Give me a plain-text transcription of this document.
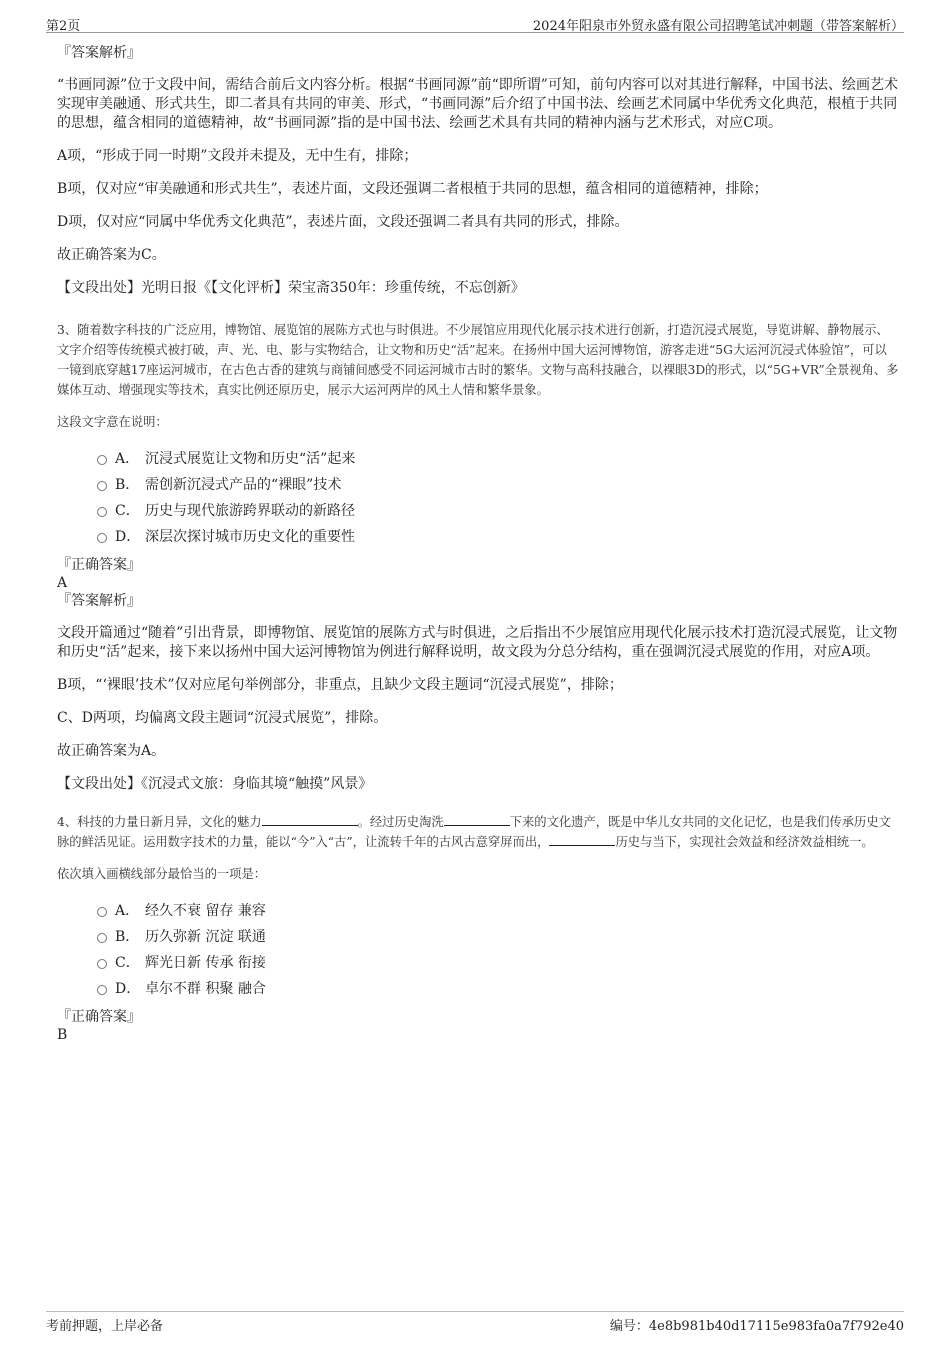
第2页	2024年阳泉市外贸永盛有限公司招聘笔试冲刺题（带答案解析）

『答案解析』

“书画同源”位于文段中间，需结合前后文内容分析。根据“书画同源”前“即所谓”可知，前句内容可以对其进行解释，中国书法、绘画艺术实现审美融通、形式共生，即二者具有共同的审美、形式，“书画同源”后介绍了中国书法、绘画艺术同属中华优秀文化典范，根植于共同的思想，蕴含相同的道德精神，故“书画同源”指的是中国书法、绘画艺术具有共同的精神内涵与艺术形式，对应C项。

A项，“形成于同一时期”文段并未提及，无中生有，排除；

B项，仅对应“审美融通和形式共生”，表述片面，文段还强调二者根植于共同的思想，蕴含相同的道德精神，排除；

D项，仅对应“同属中华优秀文化典范”，表述片面，文段还强调二者具有共同的形式，排除。

故正确答案为C。

【文段出处】光明日报《【文化评析】荣宝斋350年：珍重传统，不忘创新》

3、随着数字科技的广泛应用，博物馆、展览馆的展陈方式也与时俱进。不少展馆应用现代化展示技术进行创新，打造沉浸式展览，导览讲解、静物展示、文字介绍等传统模式被打破，声、光、电、影与实物结合，让文物和历史“活”起来。在扬州中国大运河博物馆，游客走进“5G大运河沉浸式体验馆”，可以一镜到底穿越17座运河城市，在古色古香的建筑与商铺间感受不同运河城市古时的繁华。文物与高科技融合，以裸眼3D的形式，以“5G+VR”全景视角、多媒体互动、增强现实等技术，真实比例还原历史，展示大运河两岸的风土人情和繁华景象。

这段文字意在说明：

A． 沉浸式展览让文物和历史“活”起来
B． 需创新沉浸式产品的“裸眼”技术
C． 历史与现代旅游跨界联动的新路径
D． 深层次探讨城市历史文化的重要性

『正确答案』

A

『答案解析』

文段开篇通过“随着”引出背景，即博物馆、展览馆的展陈方式与时俱进，之后指出不少展馆应用现代化展示技术打造沉浸式展览，让文物和历史“活”起来，接下来以扬州中国大运河博物馆为例进行解释说明，故文段为分总分结构，重在强调沉浸式展览的作用，对应A项。

B项，“‘裸眼’技术”仅对应尾句举例部分，非重点，且缺少文段主题词“沉浸式展览”，排除；

C、D两项，均偏离文段主题词“沉浸式展览”，排除。

故正确答案为A。

【文段出处】《沉浸式文旅：身临其境“触摸”风景》

4、科技的力量日新月异，文化的魅力	。经过历史淘洗	下来的文化遗产，既是中华儿女共同的文化记忆，也是我们传承历史文脉的鲜活见证。运用数字技术的力量，能以“今”入“古”，让流转千年的古风古意穿屏而出，	历史与当下，实现社会效益和经济效益相统一。

依次填入画横线部分最恰当的一项是：

A． 经久不衰 留存 兼容
B． 历久弥新 沉淀 联通
C． 辉光日新 传承 衔接
D． 卓尔不群 积聚 融合

『正确答案』

B

考前押题，上岸必备	编号：4e8b981b40d17115e983fa0a7f792e40
